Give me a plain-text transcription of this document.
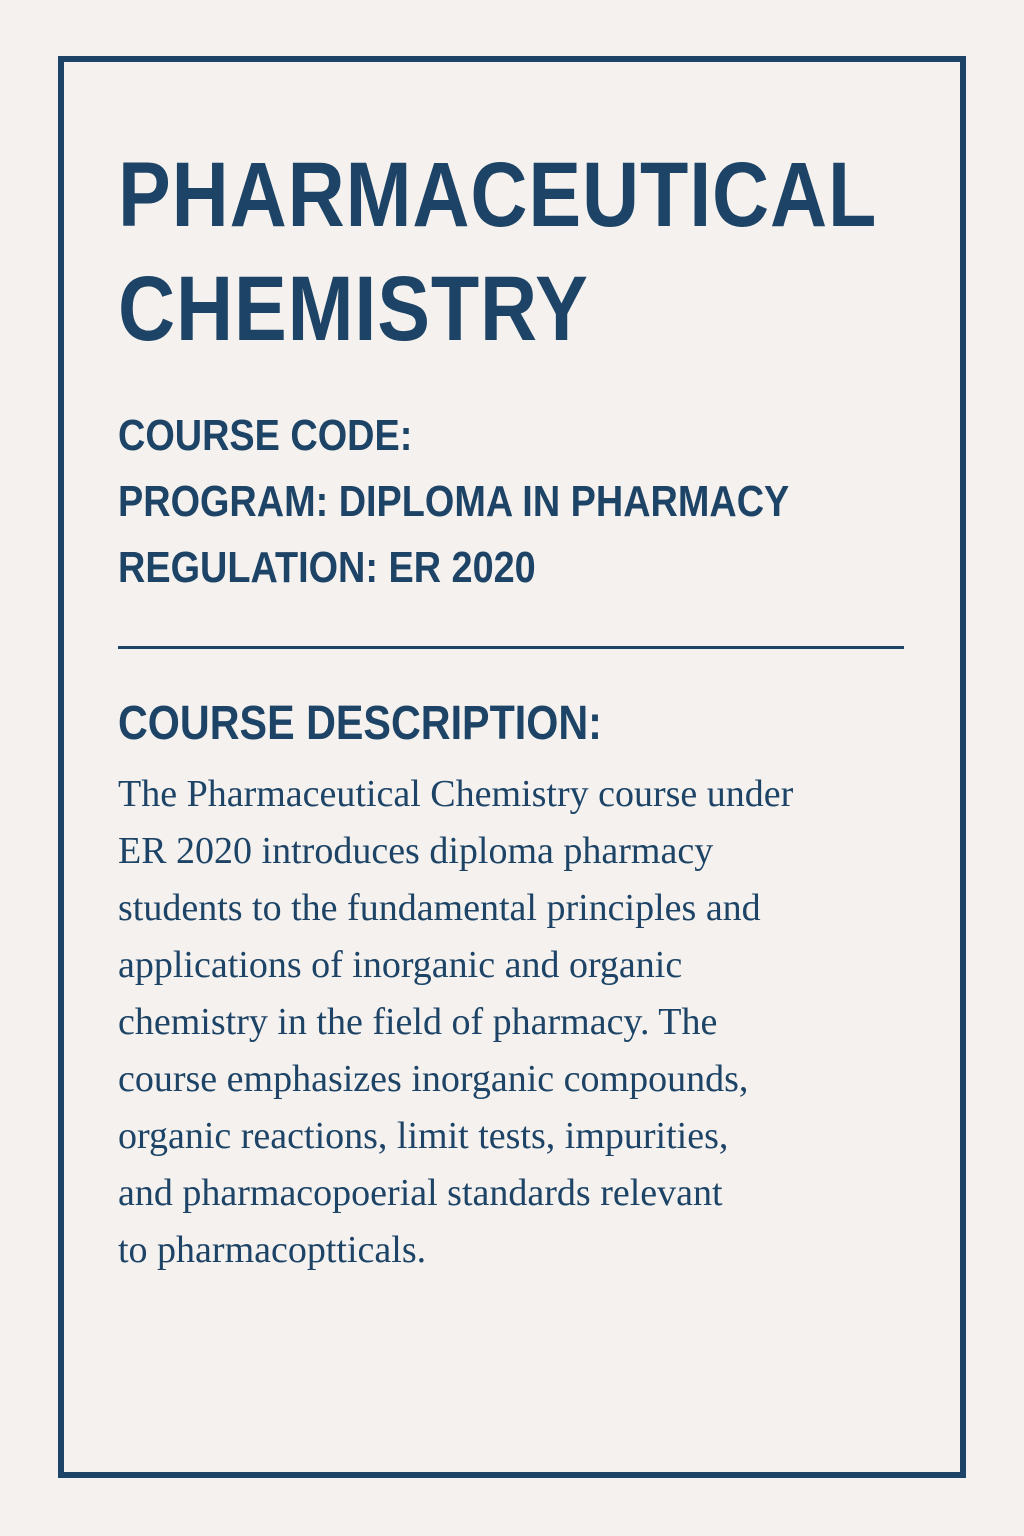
PHARMACEUTICAL
CHEMISTRY
COURSE CODE:
PROGRAM: DIPLOMA IN PHARMACY
REGULATION: ER 2020
COURSE DESCRIPTION:
The Pharmaceutical Chemistry course under
ER 2020 introduces diploma pharmacy
students to the fundamental principles and
applications of inorganic and organic
chemistry in the field of pharmacy. The
course emphasizes inorganic compounds,
organic reactions, limit tests, impurities,
and pharmacopoerial standards relevant
to pharmacoptticals.
